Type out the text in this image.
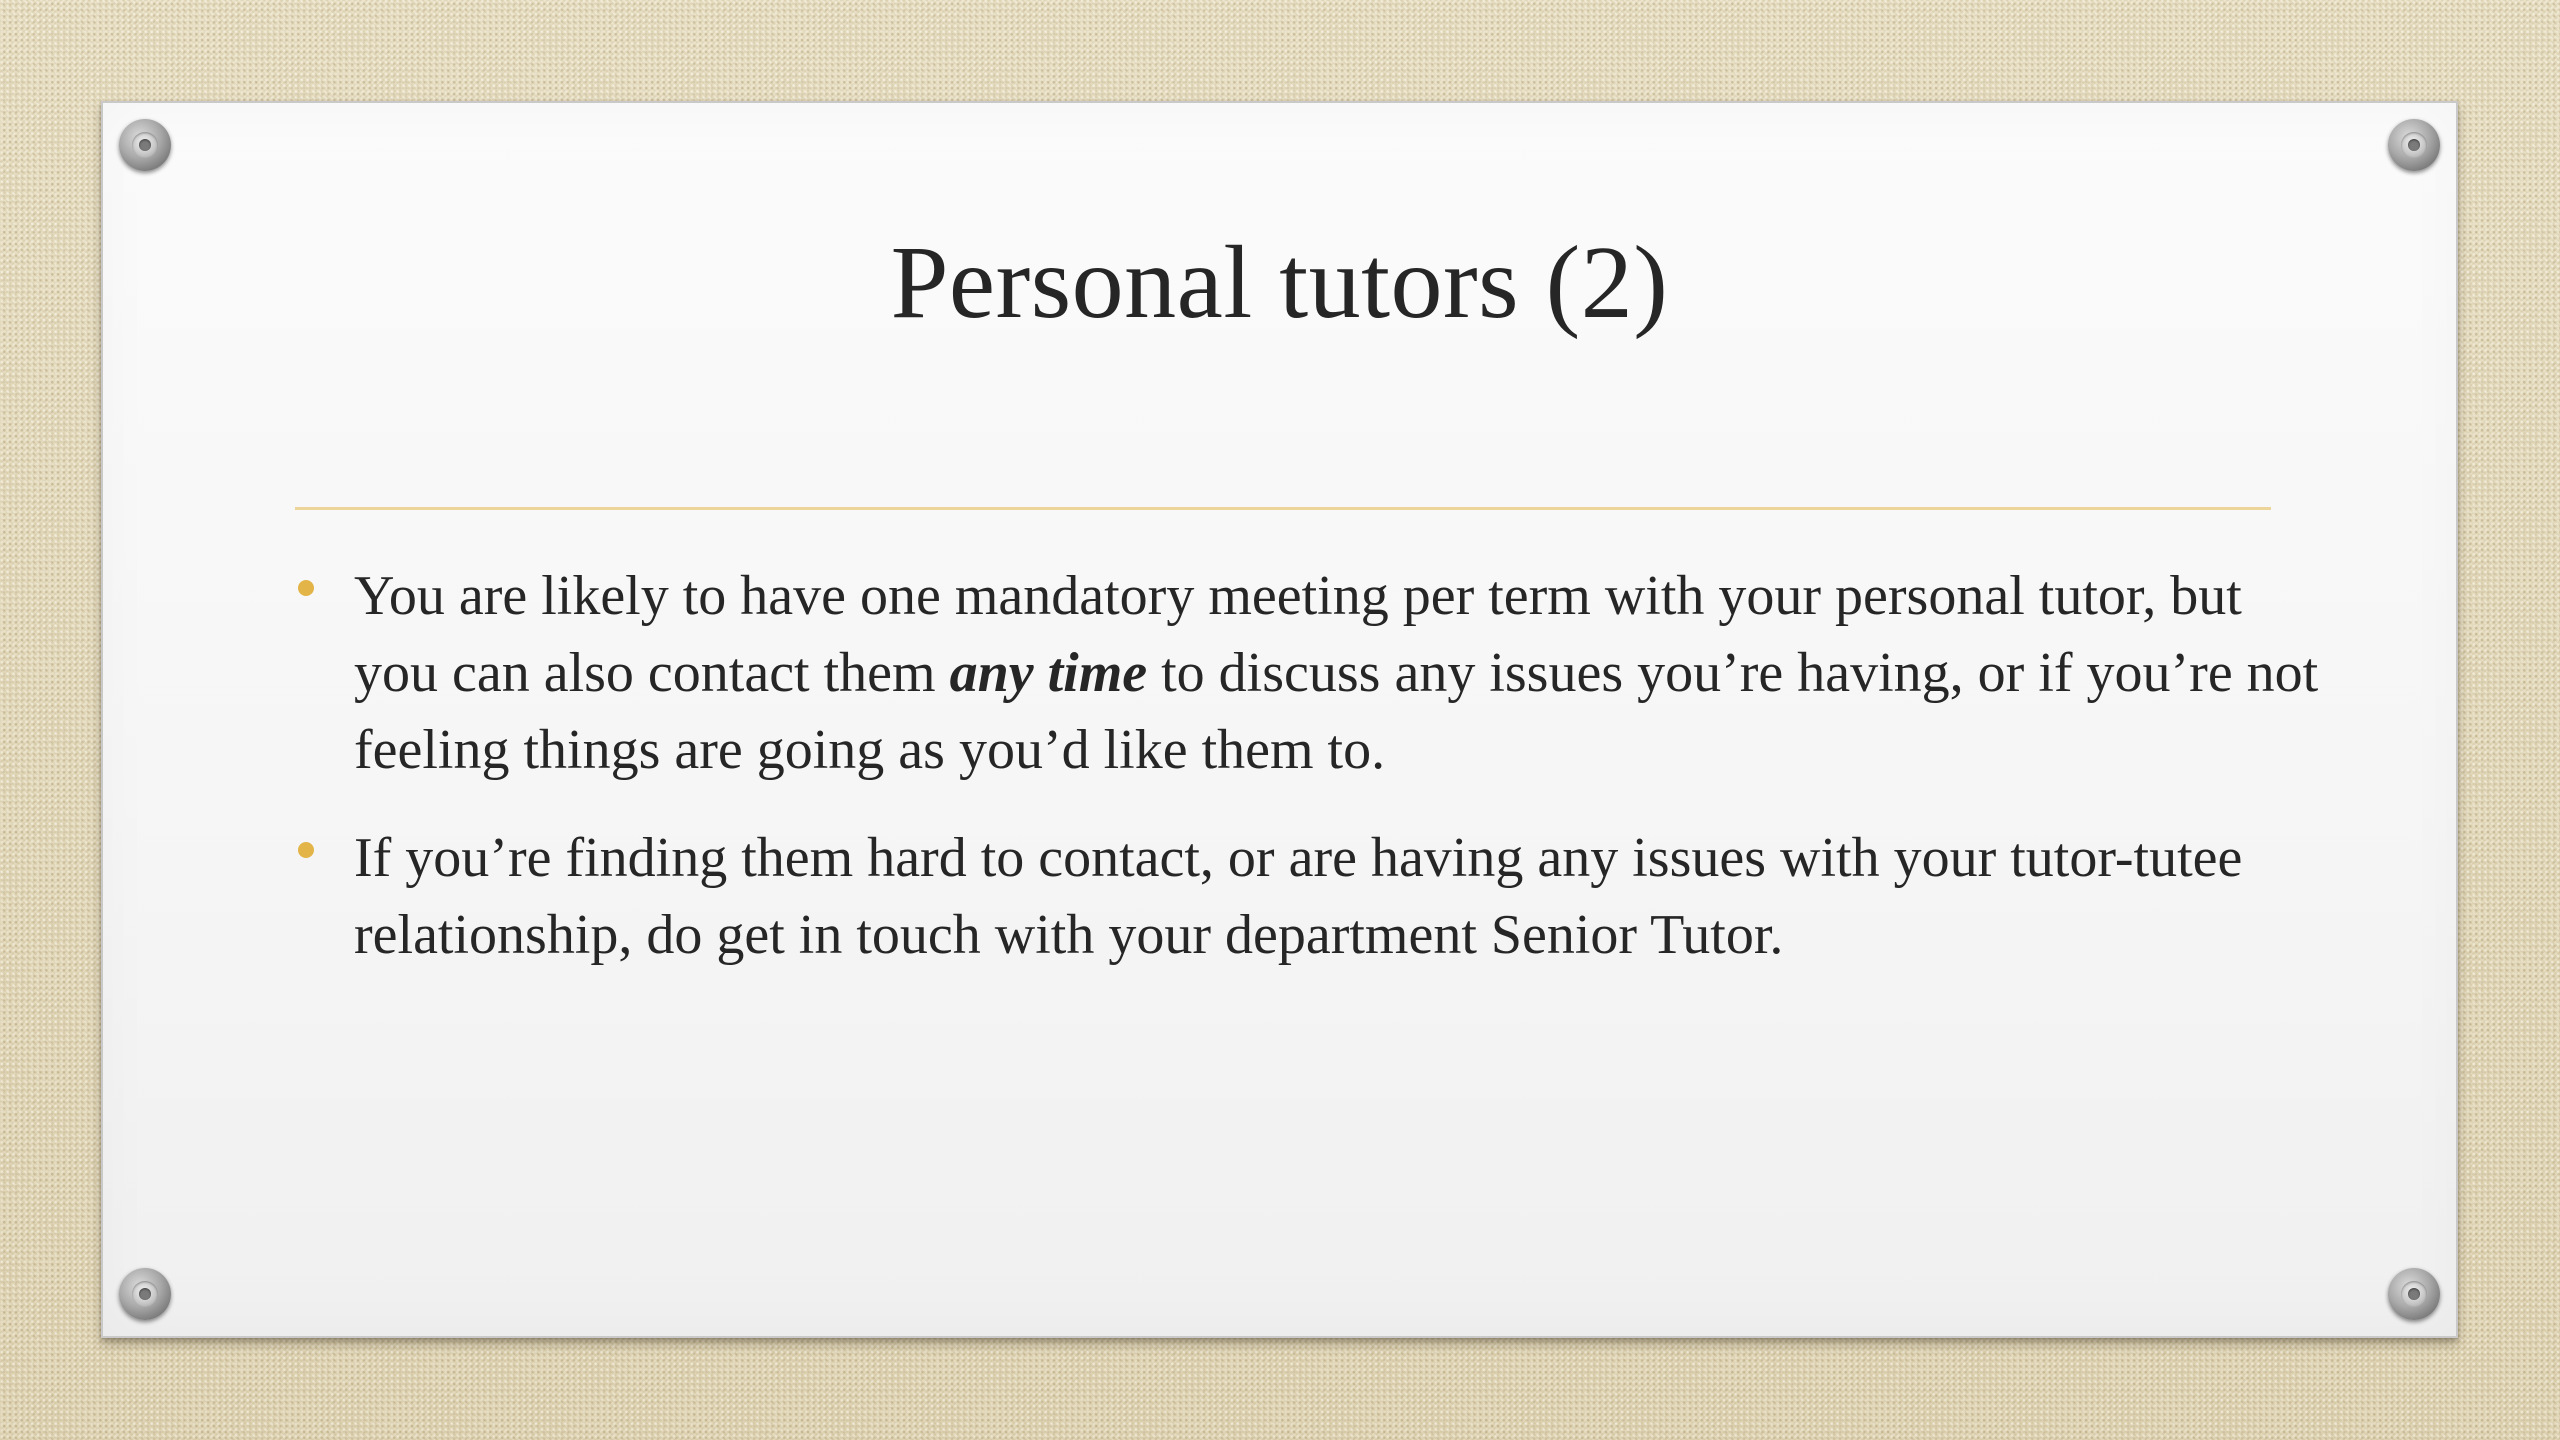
Personal tutors (2)
You are likely to have one mandatory meeting per term with your personal tutor, but you can also contact them any time to discuss any issues you’re having, or if you’re not feeling things are going as you’d like them to.
If you’re finding them hard to contact, or are having any issues with your tutor-tutee relationship, do get in touch with your department Senior Tutor.
